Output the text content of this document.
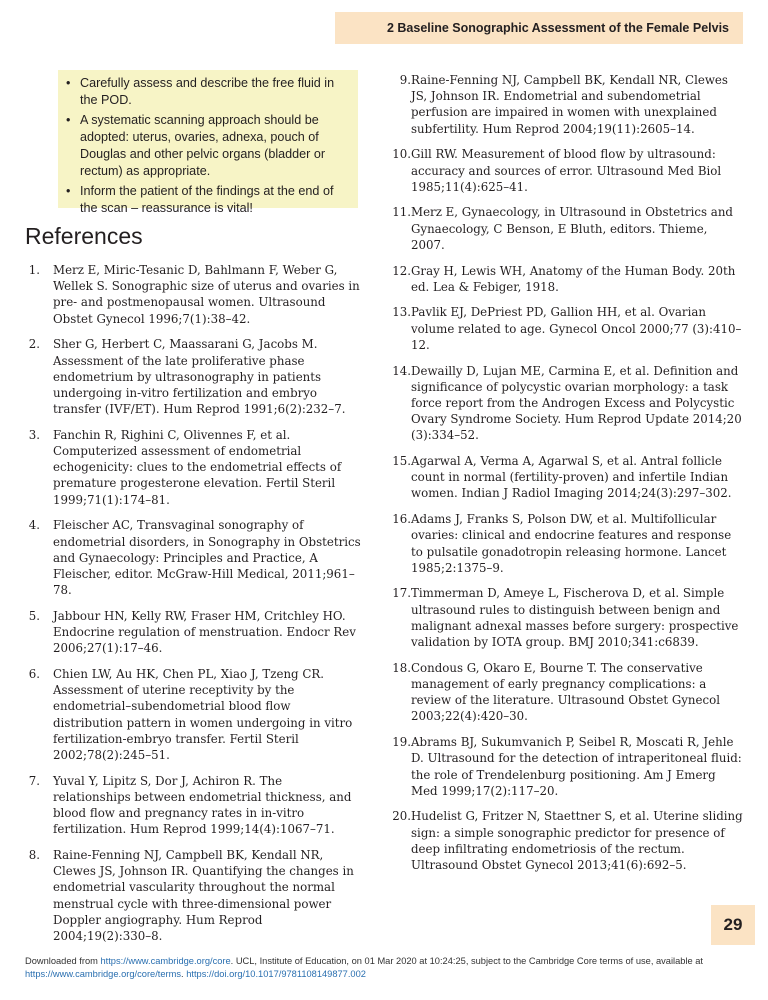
2 Baseline Sonographic Assessment of the Female Pelvis
• Carefully assess and describe the free fluid in the POD.
• A systematic scanning approach should be adopted: uterus, ovaries, adnexa, pouch of Douglas and other pelvic organs (bladder or rectum) as appropriate.
• Inform the patient of the findings at the end of the scan – reassurance is vital!
References
1. Merz E, Miric-Tesanic D, Bahlmann F, Weber G, Wellek S. Sonographic size of uterus and ovaries in pre- and postmenopausal women. Ultrasound Obstet Gynecol 1996;7(1):38–42.
2. Sher G, Herbert C, Maassarani G, Jacobs M. Assessment of the late proliferative phase endometrium by ultrasonography in patients undergoing in-vitro fertilization and embryo transfer (IVF/ET). Hum Reprod 1991;6(2):232–7.
3. Fanchin R, Righini C, Olivennes F, et al. Computerized assessment of endometrial echogenicity: clues to the endometrial effects of premature progesterone elevation. Fertil Steril 1999;71(1):174–81.
4. Fleischer AC, Transvaginal sonography of endometrial disorders, in Sonography in Obstetrics and Gynaecology: Principles and Practice, A Fleischer, editor. McGraw-Hill Medical, 2011;961–78.
5. Jabbour HN, Kelly RW, Fraser HM, Critchley HO. Endocrine regulation of menstruation. Endocr Rev 2006;27(1):17–46.
6. Chien LW, Au HK, Chen PL, Xiao J, Tzeng CR. Assessment of uterine receptivity by the endometrial–subendometrial blood flow distribution pattern in women undergoing in vitro fertilization-embryo transfer. Fertil Steril 2002;78(2):245–51.
7. Yuval Y, Lipitz S, Dor J, Achiron R. The relationships between endometrial thickness, and blood flow and pregnancy rates in in-vitro fertilization. Hum Reprod 1999;14(4):1067–71.
8. Raine-Fenning NJ, Campbell BK, Kendall NR, Clewes JS, Johnson IR. Quantifying the changes in endometrial vascularity throughout the normal menstrual cycle with three-dimensional power Doppler angiography. Hum Reprod 2004;19(2):330–8.
9. Raine-Fenning NJ, Campbell BK, Kendall NR, Clewes JS, Johnson IR. Endometrial and subendometrial perfusion are impaired in women with unexplained subfertility. Hum Reprod 2004;19(11):2605–14.
10. Gill RW. Measurement of blood flow by ultrasound: accuracy and sources of error. Ultrasound Med Biol 1985;11(4):625–41.
11. Merz E, Gynaecology, in Ultrasound in Obstetrics and Gynaecology, C Benson, E Bluth, editors. Thieme, 2007.
12. Gray H, Lewis WH, Anatomy of the Human Body. 20th ed. Lea & Febiger, 1918.
13. Pavlik EJ, DePriest PD, Gallion HH, et al. Ovarian volume related to age. Gynecol Oncol 2000;77 (3):410–12.
14. Dewailly D, Lujan ME, Carmina E, et al. Definition and significance of polycystic ovarian morphology: a task force report from the Androgen Excess and Polycystic Ovary Syndrome Society. Hum Reprod Update 2014;20 (3):334–52.
15. Agarwal A, Verma A, Agarwal S, et al. Antral follicle count in normal (fertility-proven) and infertile Indian women. Indian J Radiol Imaging 2014;24(3):297–302.
16. Adams J, Franks S, Polson DW, et al. Multifollicular ovaries: clinical and endocrine features and response to pulsatile gonadotropin releasing hormone. Lancet 1985;2:1375–9.
17. Timmerman D, Ameye L, Fischerova D, et al. Simple ultrasound rules to distinguish between benign and malignant adnexal masses before surgery: prospective validation by IOTA group. BMJ 2010;341:c6839.
18. Condous G, Okaro E, Bourne T. The conservative management of early pregnancy complications: a review of the literature. Ultrasound Obstet Gynecol 2003;22(4):420–30.
19. Abrams BJ, Sukumvanich P, Seibel R, Moscati R, Jehle D. Ultrasound for the detection of intraperitoneal fluid: the role of Trendelenburg positioning. Am J Emerg Med 1999;17(2):117–20.
20. Hudelist G, Fritzer N, Staettner S, et al. Uterine sliding sign: a simple sonographic predictor for presence of deep infiltrating endometriosis of the rectum. Ultrasound Obstet Gynecol 2013;41(6):692–5.
29
Downloaded from https://www.cambridge.org/core. UCL, Institute of Education, on 01 Mar 2020 at 10:24:25, subject to the Cambridge Core terms of use, available at
https://www.cambridge.org/core/terms. https://doi.org/10.1017/9781108149877.002
